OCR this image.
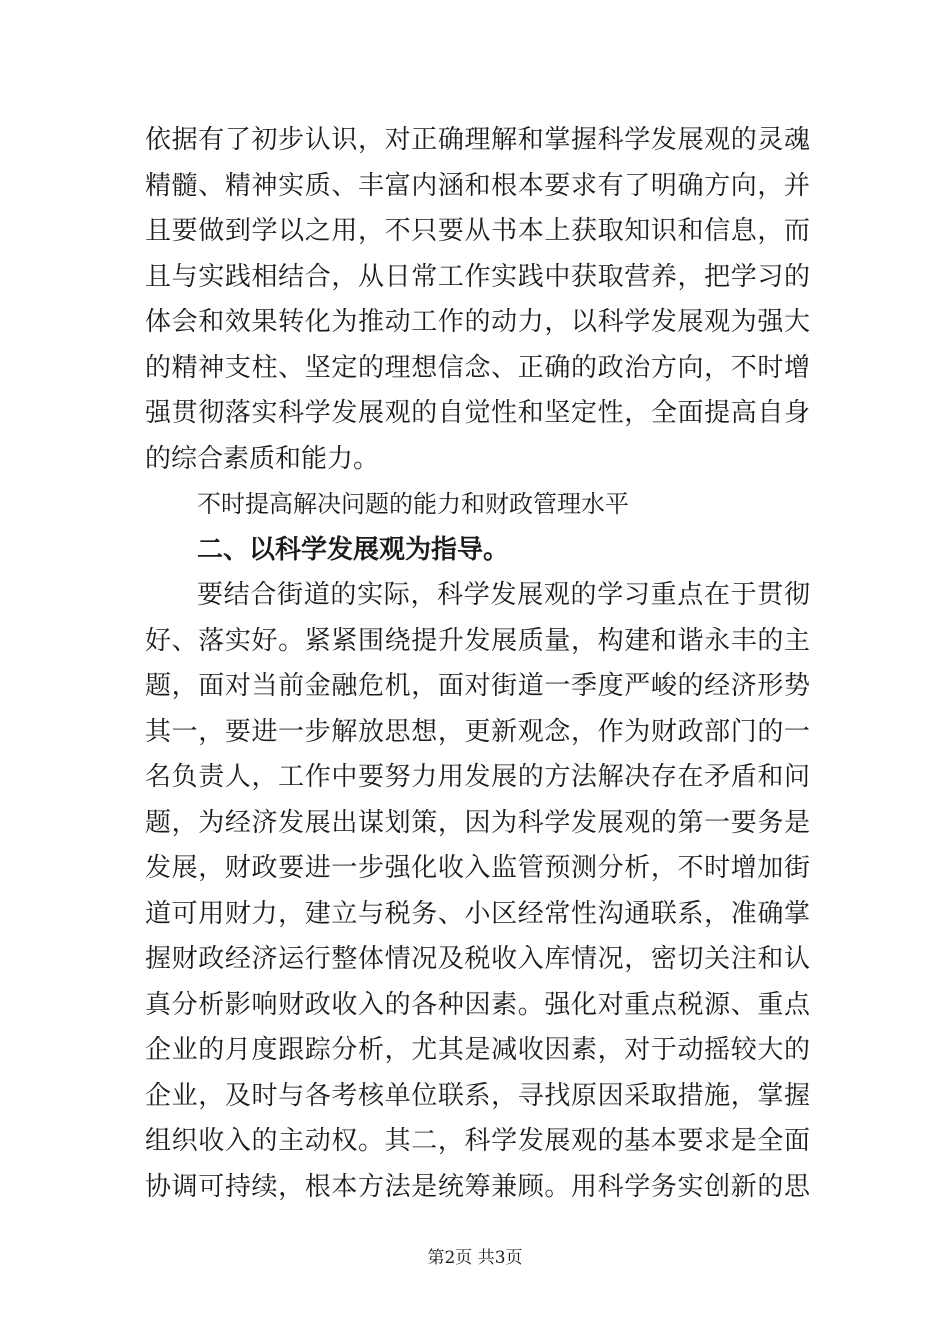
依据有了初步认识，对正确理解和掌握科学发展观的灵魂
精髓、精神实质、丰富内涵和根本要求有了明确方向，并
且要做到学以之用，不只要从书本上获取知识和信息，而
且与实践相结合，从日常工作实践中获取营养，把学习的
体会和效果转化为推动工作的动力，以科学发展观为强大
的精神支柱、坚定的理想信念、正确的政治方向，不时增
强贯彻落实科学发展观的自觉性和坚定性，全面提高自身
的综合素质和能力。
不时提高解决问题的能力和财政管理水平
二、以科学发展观为指导。
要结合街道的实际，科学发展观的学习重点在于贯彻
好、落实好。紧紧围绕提升发展质量，构建和谐永丰的主
题，面对当前金融危机，面对街道一季度严峻的经济形势
其一，要进一步解放思想，更新观念，作为财政部门的一
名负责人，工作中要努力用发展的方法解决存在矛盾和问
题，为经济发展出谋划策，因为科学发展观的第一要务是
发展，财政要进一步强化收入监管预测分析，不时增加街
道可用财力，建立与税务、小区经常性沟通联系，准确掌
握财政经济运行整体情况及税收入库情况，密切关注和认
真分析影响财政收入的各种因素。强化对重点税源、重点
企业的月度跟踪分析，尤其是减收因素，对于动摇较大的
企业，及时与各考核单位联系，寻找原因采取措施，掌握
组织收入的主动权。其二，科学发展观的基本要求是全面
协调可持续，根本方法是统筹兼顾。用科学务实创新的思
第2页 共3页
